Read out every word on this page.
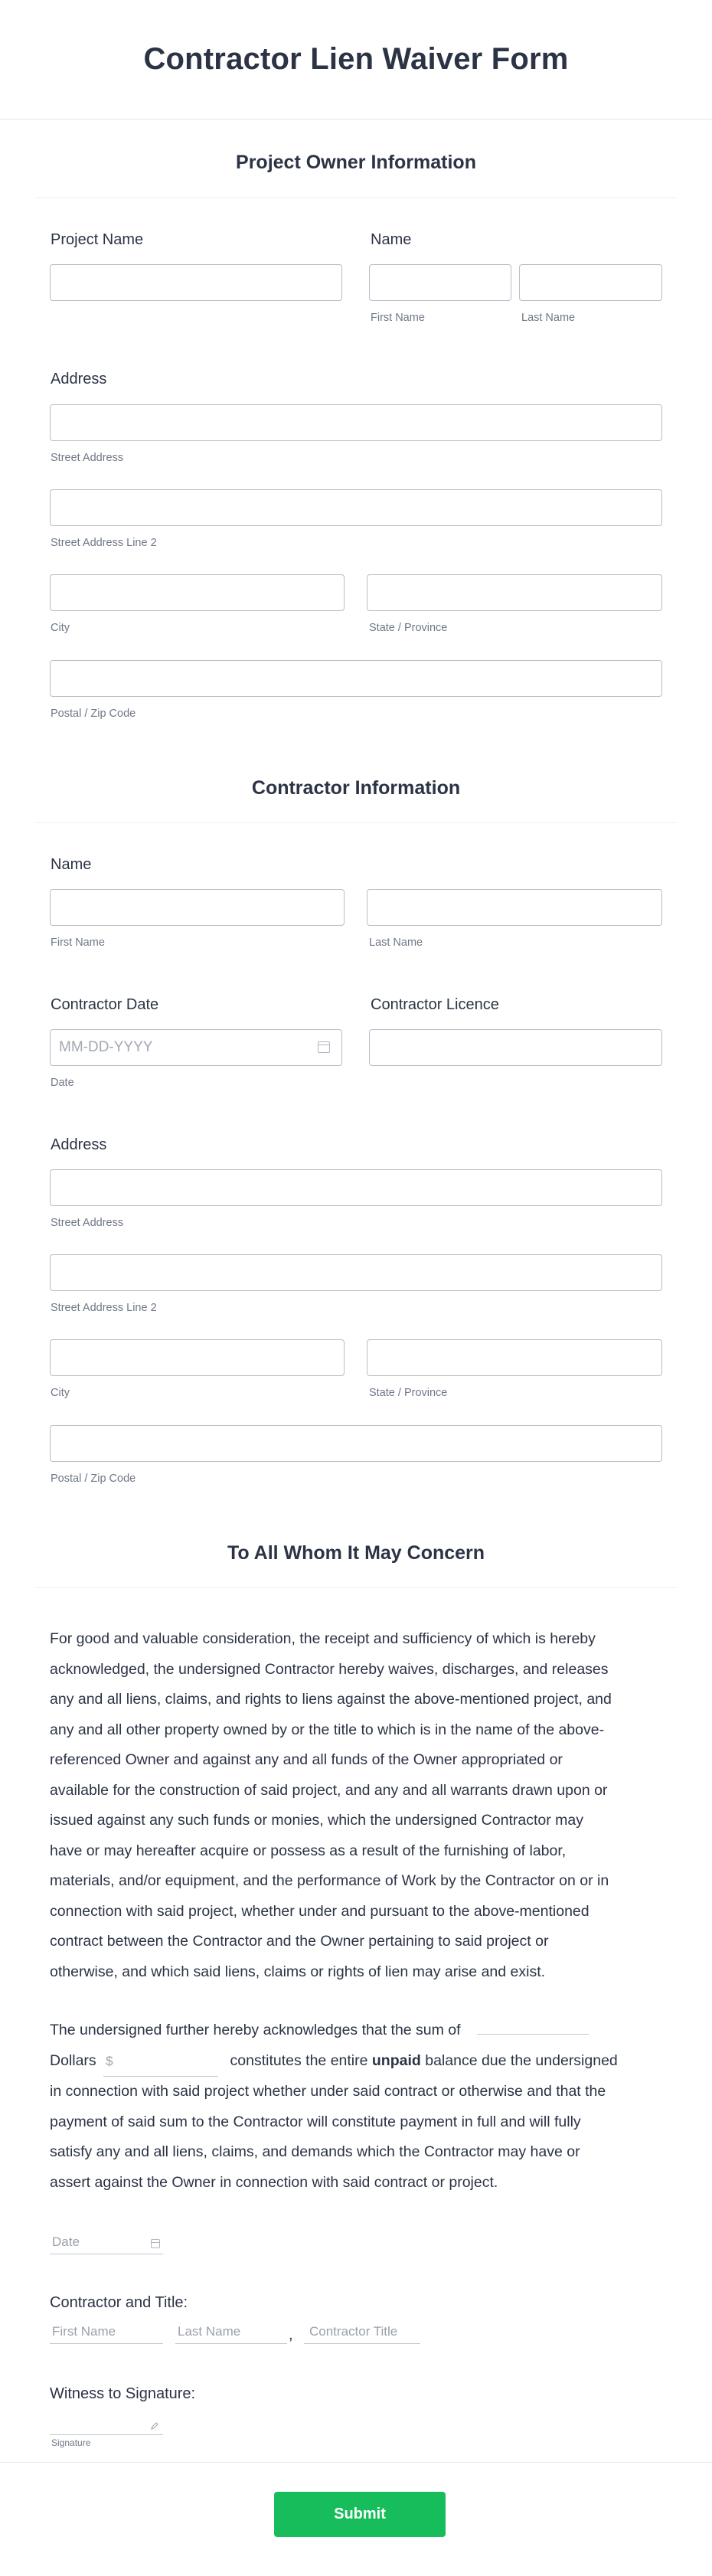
Contractor Lien Waiver Form
Project Owner Information
Project Name	Name
First Name	Last Name
Address
Street Address
Street Address Line 2
City	State / Province
Postal / Zip Code
Contractor Information
Name
First Name	Last Name
Contractor Date
MM-DD-YYYY
Date
Contractor Licence
Address
Street Address
Street Address Line 2
City	State / Province
Postal / Zip Code
To All Whom It May Concern
For good and valuable consideration, the receipt and sufficiency of which is hereby
acknowledged, the undersigned Contractor hereby waives, discharges, and releases
any and all liens, claims, and rights to liens against the above-mentioned project, and
any and all other property owned by or the title to which is in the name of the above-
referenced Owner and against any and all funds of the Owner appropriated or
available for the construction of said project, and any and all warrants drawn upon or
issued against any such funds or monies, which the undersigned Contractor may
have or may hereafter acquire or possess as a result of the furnishing of labor,
materials, and/or equipment, and the performance of Work by the Contractor on or in
connection with said project, whether under and pursuant to the above-mentioned
contract between the Contractor and the Owner pertaining to said project or
otherwise, and which said liens, claims or rights of lien may arise and exist.
The undersigned further hereby acknowledges that the sum of
Dollars $	constitutes the entire unpaid balance due the undersigned
in connection with said project whether under said contract or otherwise and that the
payment of said sum to the Contractor will constitute payment in full and will fully
satisfy any and all liens, claims, and demands which the Contractor may have or
assert against the Owner in connection with said contract or project.
Date
Contractor and Title:
First Name	Last Name	, Contractor Title
Witness to Signature:
Signature
Submit
